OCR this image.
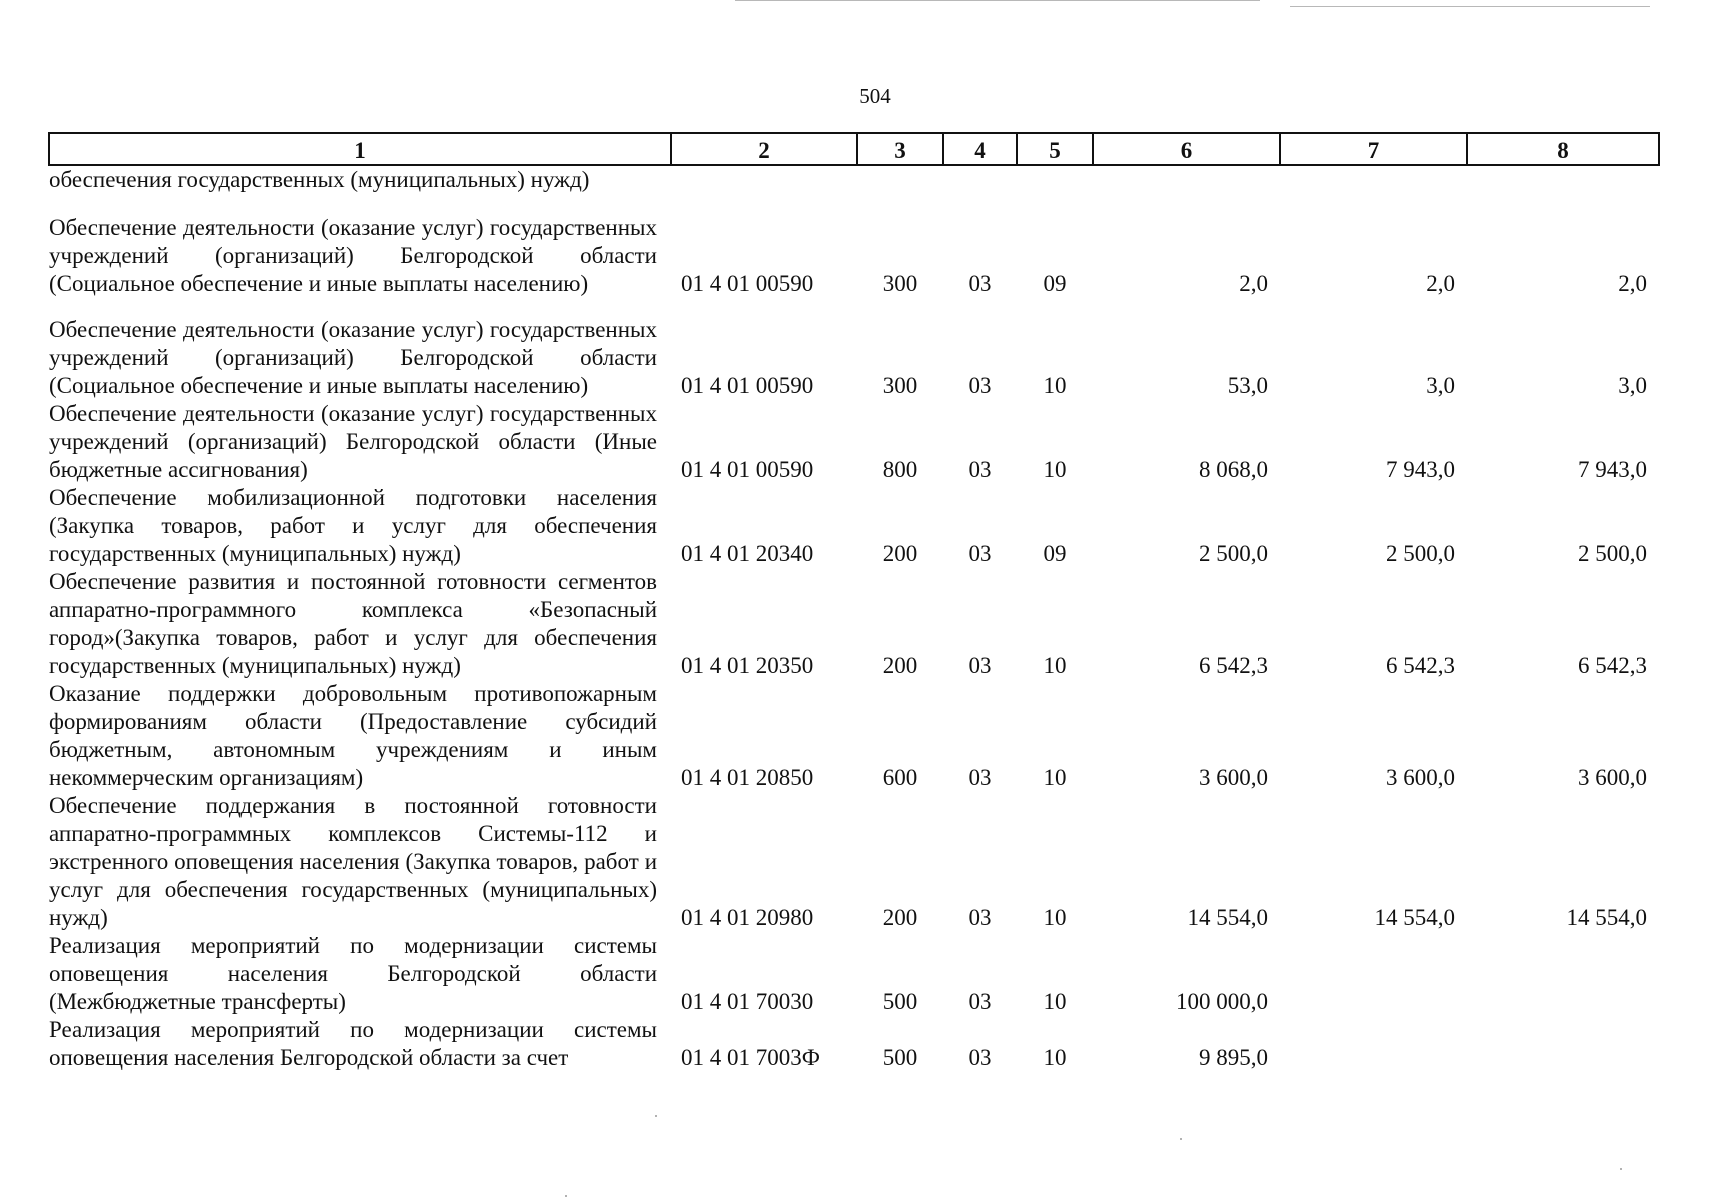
504
1	2	3	4	5	6	7	8
обеспечения государственных (муниципальных) нужд)							
Обеспечение деятельности (оказание услуг) государственных учреждений (организаций) Белгородской области (Социальное обеспечение и иные выплаты населению)	01 4 01 00590	300	03	09	2,0	2,0	2,0
Обеспечение деятельности (оказание услуг) государственных учреждений (организаций) Белгородской области (Социальное обеспечение и иные выплаты населению)	01 4 01 00590	300	03	10	53,0	3,0	3,0
Обеспечение деятельности (оказание услуг) государственных учреждений (организаций) Белгородской области (Иные бюджетные ассигнования)	01 4 01 00590	800	03	10	8 068,0	7 943,0	7 943,0
Обеспечение мобилизационной подготовки населения (Закупка товаров, работ и услуг для обеспечения государственных (муниципальных) нужд)	01 4 01 20340	200	03	09	2 500,0	2 500,0	2 500,0
Обеспечение развития и постоянной готовности сегментов аппаратно-программного комплекса «Безопасный город»(Закупка товаров, работ и услуг для обеспечения государственных (муниципальных) нужд)	01 4 01 20350	200	03	10	6 542,3	6 542,3	6 542,3
Оказание поддержки добровольным противопожарным формированиям области (Предоставление субсидий бюджетным, автономным учреждениям и иным некоммерческим организациям)	01 4 01 20850	600	03	10	3 600,0	3 600,0	3 600,0
Обеспечение поддержания в постоянной готовности аппаратно-программных комплексов Системы-112 и экстренного оповещения населения (Закупка товаров, работ и услуг для обеспечения государственных (муниципальных) нужд)	01 4 01 20980	200	03	10	14 554,0	14 554,0	14 554,0
Реализация мероприятий по модернизации системы оповещения населения Белгородской области (Межбюджетные трансферты)	01 4 01 70030	500	03	10	100 000,0		
Реализация мероприятий по модернизации системы оповещения населения Белгородской области за счет	01 4 01 7003Ф	500	03	10	9 895,0		
